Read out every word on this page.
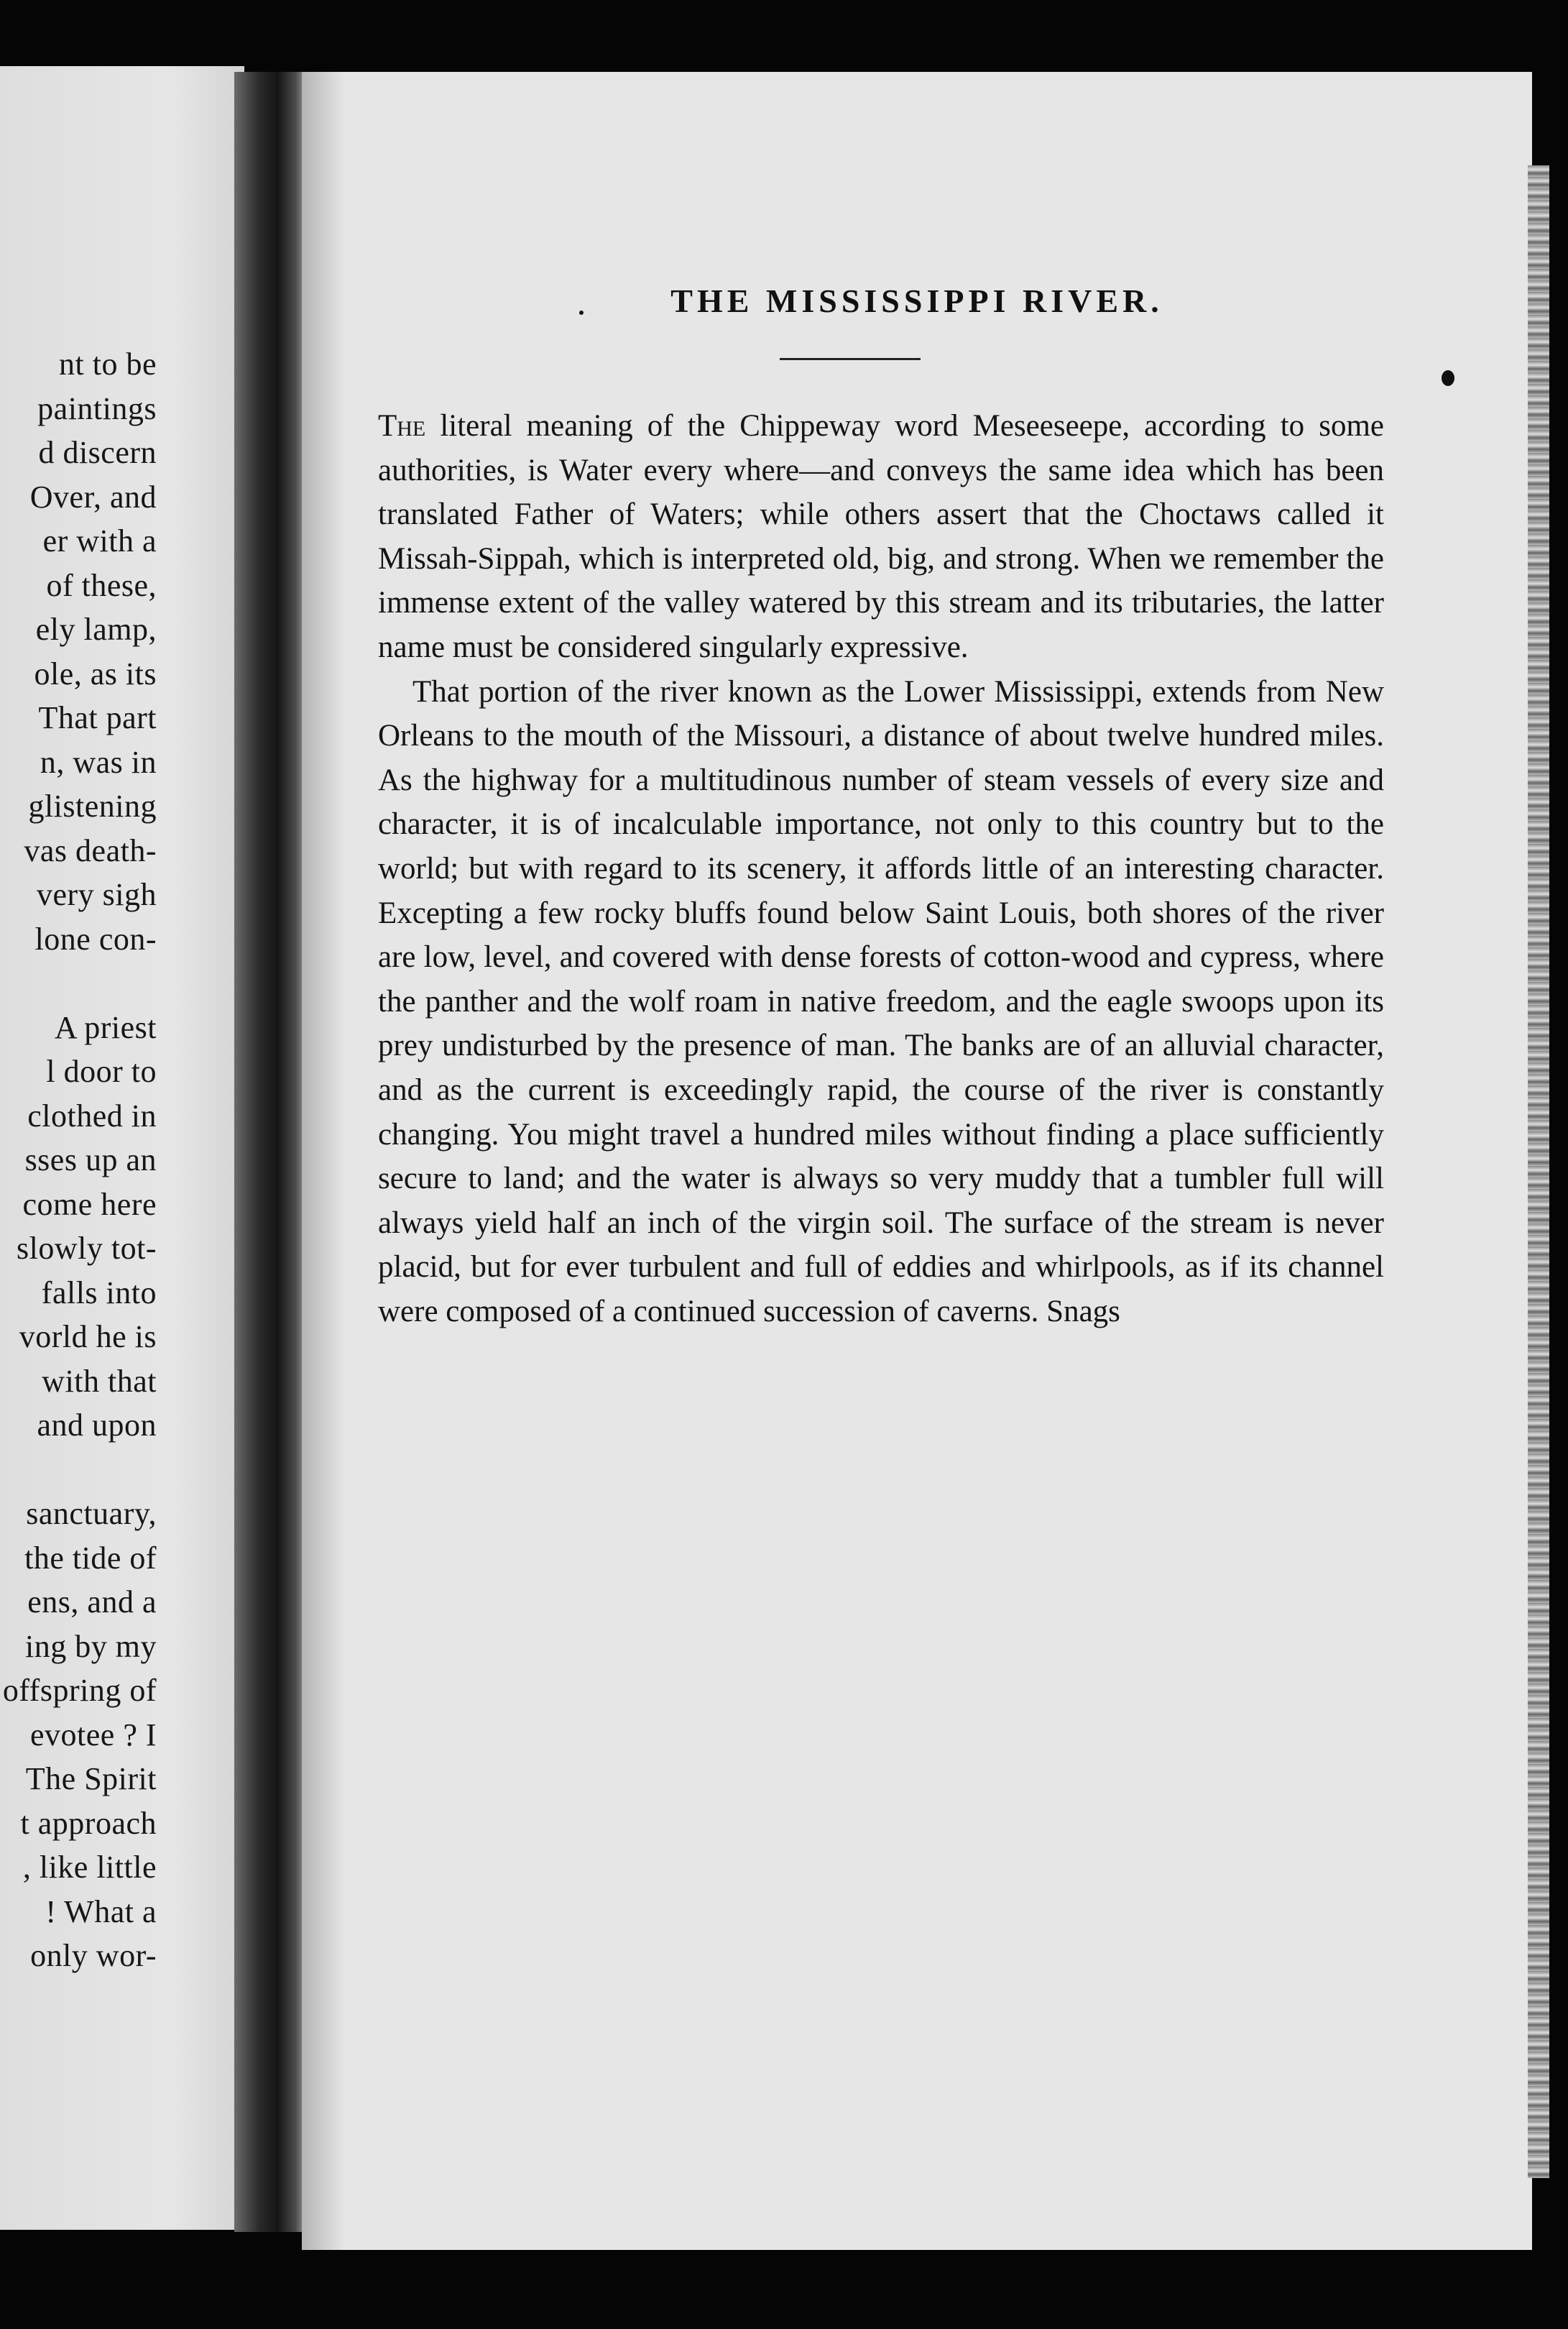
nt to be
paintings
d discern
Over, and
er with a
of these,
ely lamp,
ole, as its
That part
n, was in
glistening
vas death-
very sigh
lone con-
A priest
l door to
clothed in
sses up an
come here
slowly tot-
falls into
vorld he is
with that
and upon
sanctuary,
the tide of
ens, and a
ing by my
offspring of
evotee ? I
The Spirit
t approach
, like little
! What a
only wor-
THE MISSISSIPPI RIVER.

The literal meaning of the Chippeway word Meseeseepe, according to some authorities, is Water every where—and conveys the same idea which has been translated Father of Waters; while others assert that the Choctaws called it Missah-Sippah, which is interpreted old, big, and strong. When we remember the immense extent of the valley watered by this stream and its tributaries, the latter name must be considered singularly expressive.

That portion of the river known as the Lower Mississippi, extends from New Orleans to the mouth of the Missouri, a distance of about twelve hundred miles. As the highway for a multitudinous number of steam vessels of every size and character, it is of incalculable importance, not only to this country but to the world; but with regard to its scenery, it affords little of an interesting character. Excepting a few rocky bluffs found below Saint Louis, both shores of the river are low, level, and covered with dense forests of cotton-wood and cypress, where the panther and the wolf roam in native freedom, and the eagle swoops upon its prey undisturbed by the presence of man. The banks are of an alluvial character, and as the current is exceedingly rapid, the course of the river is constantly changing. You might travel a hundred miles without finding a place sufficiently secure to land; and the water is always so very muddy that a tumbler full will always yield half an inch of the virgin soil. The surface of the stream is never placid, but for ever turbulent and full of eddies and whirlpools, as if its channel were composed of a continued succession of caverns. Snags
